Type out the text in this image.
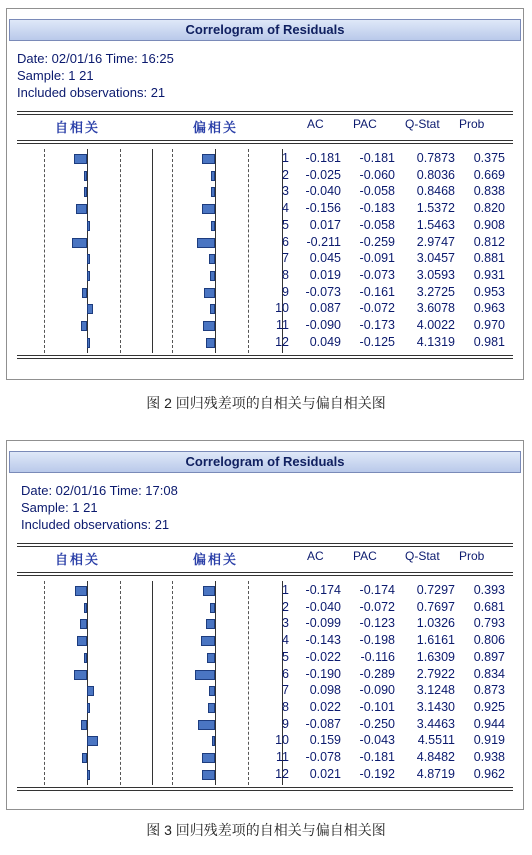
Correlogram of Residuals
Date: 02/01/16 Time: 16:25
Sample: 1 21
Included observations: 21
自相关	偏相关	AC PAC Q-Stat Prob
1	-0.181	-0.181	0.7873	0.375
2	-0.025	-0.060	0.8036	0.669
3	-0.040	-0.058	0.8468	0.838
4	-0.156	-0.183	1.5372	0.820
5	0.017	-0.058	1.5463	0.908
6	-0.211	-0.259	2.9747	0.812
7	0.045	-0.091	3.0457	0.881
8	0.019	-0.073	3.0593	0.931
9	-0.073	-0.161	3.2725	0.953
10	0.087	-0.072	3.6078	0.963
11	-0.090	-0.173	4.0022	0.970
12	0.049	-0.125	4.1319	0.981
图 2 回归残差项的自相关与偏自相关图
Correlogram of Residuals
Date: 02/01/16 Time: 17:08
Sample: 1 21
Included observations: 21
自相关	偏相关	AC PAC Q-Stat Prob
1	-0.174	-0.174	0.7297	0.393
2	-0.040	-0.072	0.7697	0.681
3	-0.099	-0.123	1.0326	0.793
4	-0.143	-0.198	1.6161	0.806
5	-0.022	-0.116	1.6309	0.897
6	-0.190	-0.289	2.7922	0.834
7	0.098	-0.090	3.1248	0.873
8	0.022	-0.101	3.1430	0.925
9	-0.087	-0.250	3.4463	0.944
10	0.159	-0.043	4.5511	0.919
11	-0.078	-0.181	4.8482	0.938
12	0.021	-0.192	4.8719	0.962
图 3 回归残差项的自相关与偏自相关图
